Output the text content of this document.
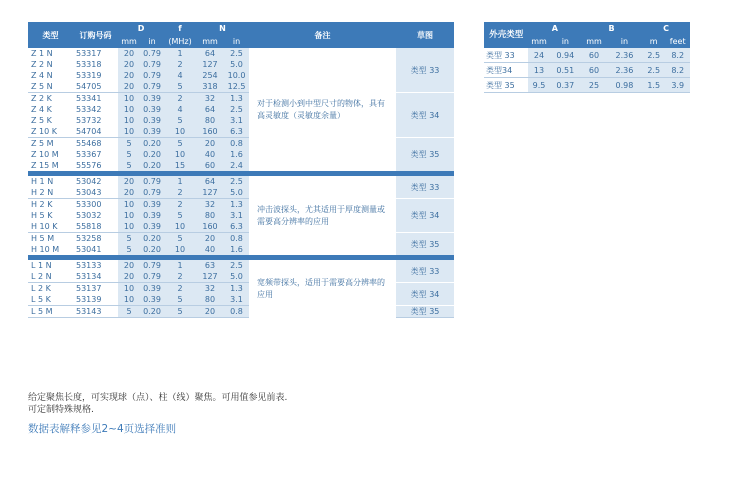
类型	订购号码	D		f	N		备注	草图
		mm	in	(MHz)	mm	in		
Z 1 N	53317	20	0.79	1	64	2.5	对于检测小到中型尺寸的物体，具有高灵敏度（灵敏度余量）	类型 33
Z 2 N	53318	20	0.79	2	127	5.0		
Z 4 N	53319	20	0.79	4	254	10.0		
Z 5 N	54705	20	0.79	5	318	12.5		
Z 2 K	53341	10	0.39	2	32	1.3		类型 34
Z 4 K	53342	10	0.39	4	64	2.5		
Z 5 K	53732	10	0.39	5	80	3.1		
Z 10 K	54704	10	0.39	10	160	6.3		
Z 5 M	55468	5	0.20	5	20	0.8		类型 35
Z 10 M	53367	5	0.20	10	40	1.6		
Z 15 M	55576	5	0.20	15	60	2.4		

H 1 N	53042	20	0.79	1	64	2.5	冲击波探头，尤其适用于厚度测量或需要高分辨率的应用	类型 33
H 2 N	53043	20	0.79	2	127	5.0		
H 2 K	53300	10	0.39	2	32	1.3		类型 34
H 5 K	53032	10	0.39	5	80	3.1		
H 10 K	55818	10	0.39	10	160	6.3		
H 5 M	53258	5	0.20	5	20	0.8		类型 35
H 10 M	53041	5	0.20	10	40	1.6		

L 1 N	53133	20	0.79	1	63	2.5	宽频带探头，适用于需要高分辨率的应用	类型 33
L 2 N	53134	20	0.79	2	127	5.0		
L 2 K	53137	10	0.39	2	32	1.3		类型 34
L 5 K	53139	10	0.39	5	80	3.1		
L 5 M	53143	5	0.20	5	20	0.8		类型 35
外壳类型	A		B		C	
	mm	in	mm	in	m	feet
类型 33	24	0.94	60	2.36	2.5	8.2
类型34	13	0.51	60	2.36	2.5	8.2
类型 35	9.5	0.37	25	0.98	1.5	3.9
给定聚焦长度，可实现球（点）、柱（线）聚焦。可用值参见前表.
可定制特殊规格.
数据表解释参见2~4页选择准则
